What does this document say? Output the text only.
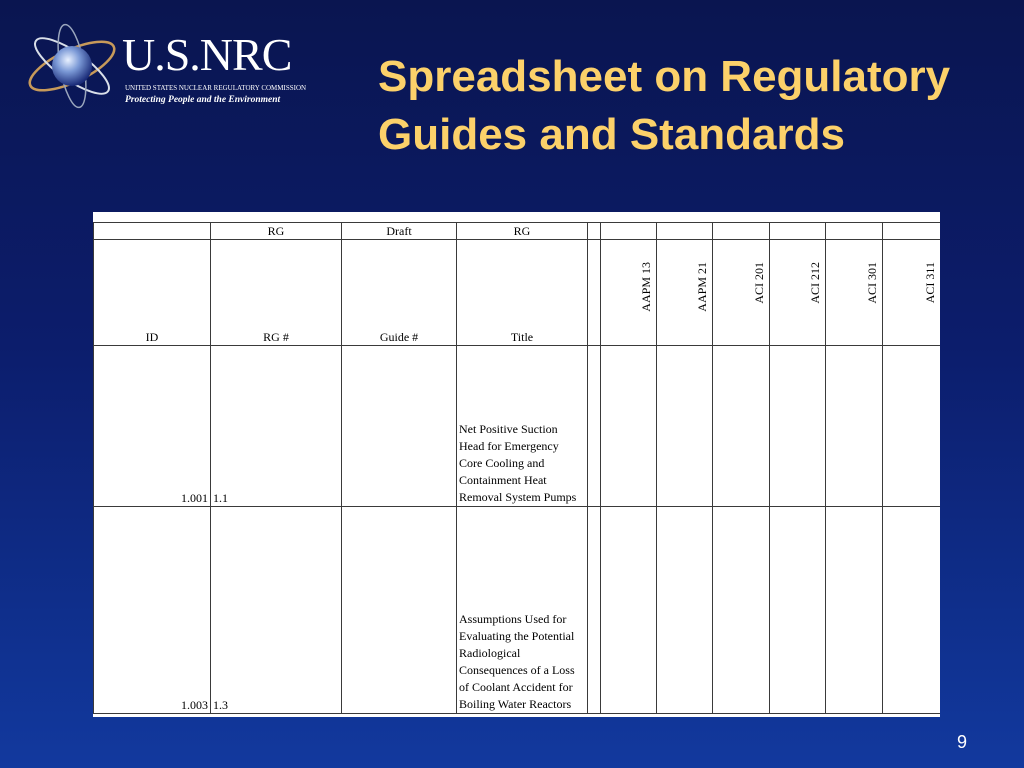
U.S.NRC
UNITED STATES NUCLEAR REGULATORY COMMISSION
Protecting People and the Environment Spreadsheet on Regulatory Guides and Standards
	RG	Draft	RG							
ID	RG #	Guide #	Title		AAPM 13	AAPM 21	ACI 201	ACI 212	ACI 301	ACI 311
1.001	1.1		Net Positive Suction Head for Emergency Core Cooling and Containment Heat Removal System Pumps							
1.003	1.3		Assumptions Used for Evaluating the Potential Radiological Consequences of a Loss of Coolant Accident for Boiling Water Reactors							
9
